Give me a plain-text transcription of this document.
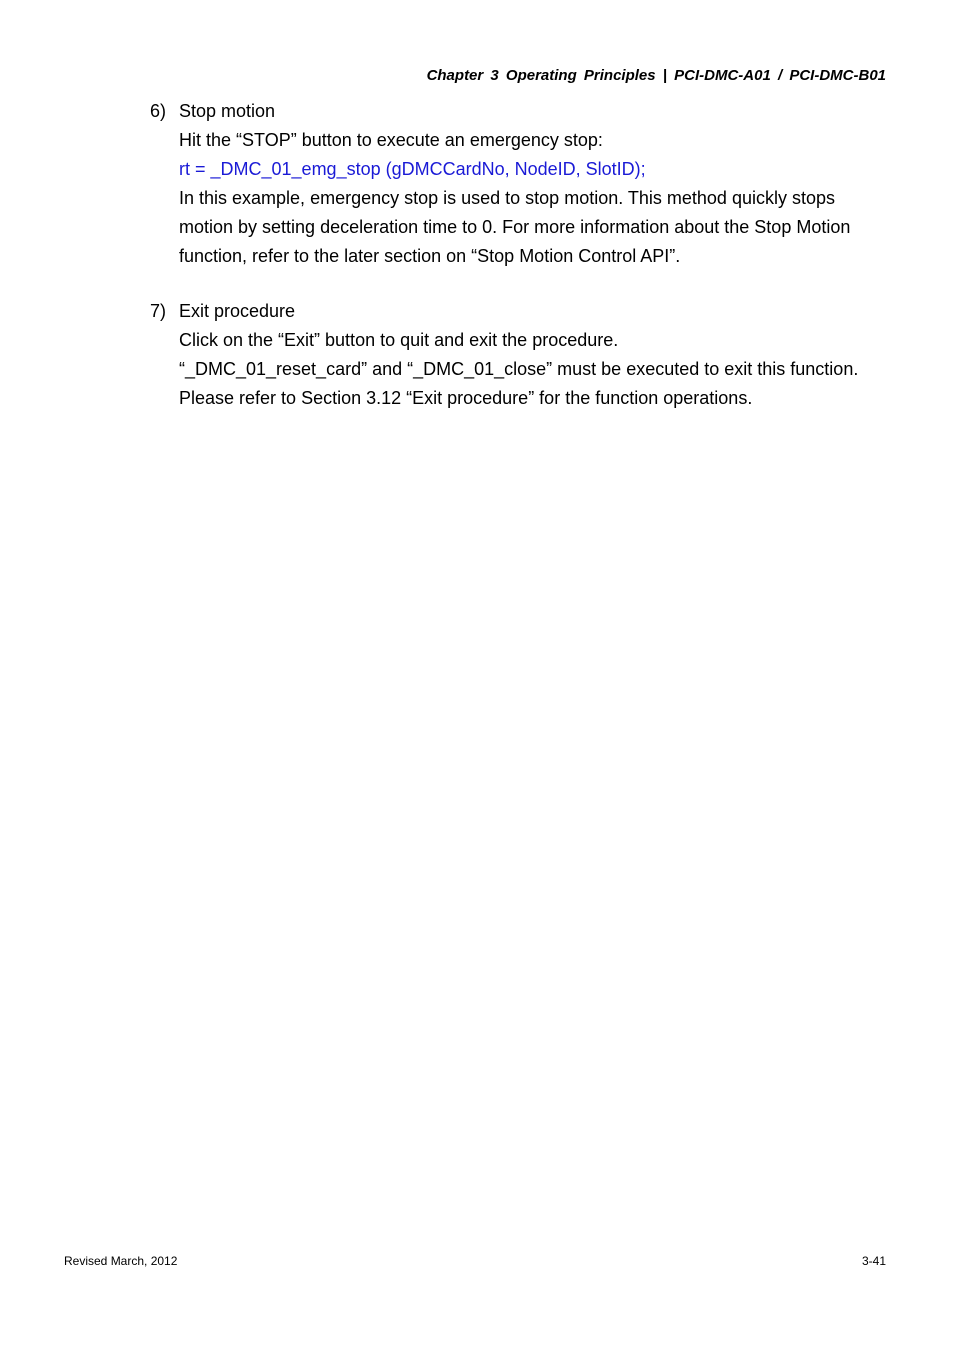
Chapter 3 Operating Principles | PCI-DMC-A01 / PCI-DMC-B01
6) Stop motion
Hit the “STOP” button to execute an emergency stop:
rt = _DMC_01_emg_stop (gDMCCardNo, NodeID, SlotID);
In this example, emergency stop is used to stop motion. This method quickly stops motion by setting deceleration time to 0. For more information about the Stop Motion function, refer to the later section on “Stop Motion Control API”.
7) Exit procedure
Click on the “Exit” button to quit and exit the procedure.
“_DMC_01_reset_card” and “_DMC_01_close” must be executed to exit this function. Please refer to Section 3.12 “Exit procedure” for the function operations.
Revised March, 2012	3-41
